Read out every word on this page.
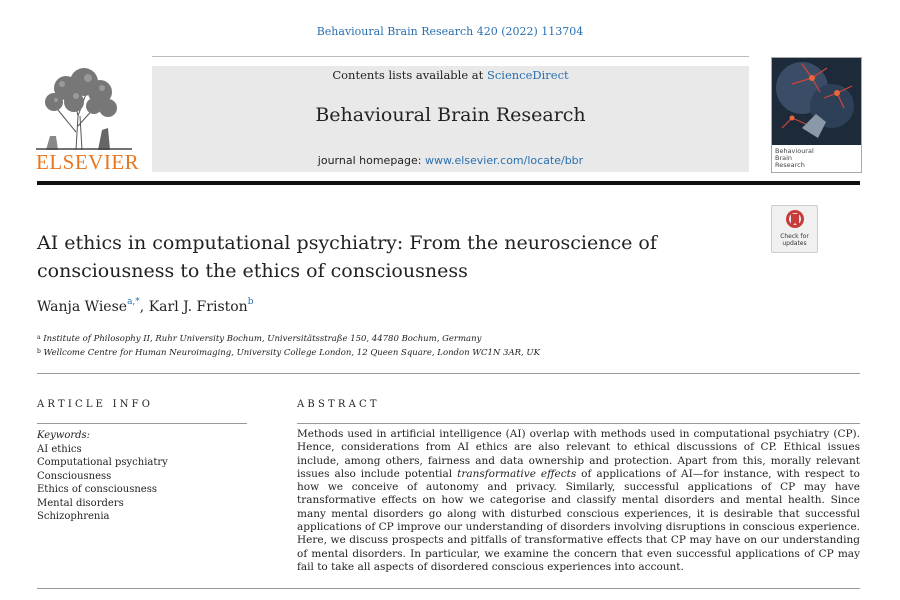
Behavioural Brain Research 420 (2022) 113704
ELSEVIER
Contents lists available at ScienceDirect
Behavioural Brain Research
journal homepage: www.elsevier.com/locate/bbr
Behavioural
Brain
Research
Check for
updates
AI ethics in computational psychiatry: From the neuroscience of consciousness to the ethics of consciousness
Wanja Wiese$^{a,*}$, Karl J. Friston$^b$
$^a$ Institute of Philosophy II, Ruhr University Bochum, Universitätsstraße 150, 44780 Bochum, Germany
$^b$ Wellcome Centre for Human Neuroimaging, University College London, 12 Queen Square, London WC1N 3AR, UK
ARTICLE INFO	ABSTRACT
Keywords:
AI ethics
Computational psychiatry
Consciousness
Ethics of consciousness
Mental disorders
Schizophrenia
Methods used in artificial intelligence (AI) overlap with methods used in computational psychiatry (CP). Hence, considerations from AI ethics are also relevant to ethical discussions of CP. Ethical issues include, among others, fairness and data ownership and protection. Apart from this, morally relevant issues also include potential transformative effects of applications of AI—for instance, with respect to how we conceive of autonomy and privacy. Similarly, successful applications of CP may have transformative effects on how we categorise and classify mental disorders and mental health. Since many mental disorders go along with disturbed conscious experiences, it is desirable that successful applications of CP improve our understanding of disorders involving disruptions in conscious experience. Here, we discuss prospects and pitfalls of transformative effects that CP may have on our understanding of mental disorders. In particular, we examine the concern that even successful applications of CP may fail to take all aspects of disordered conscious experiences into account.
